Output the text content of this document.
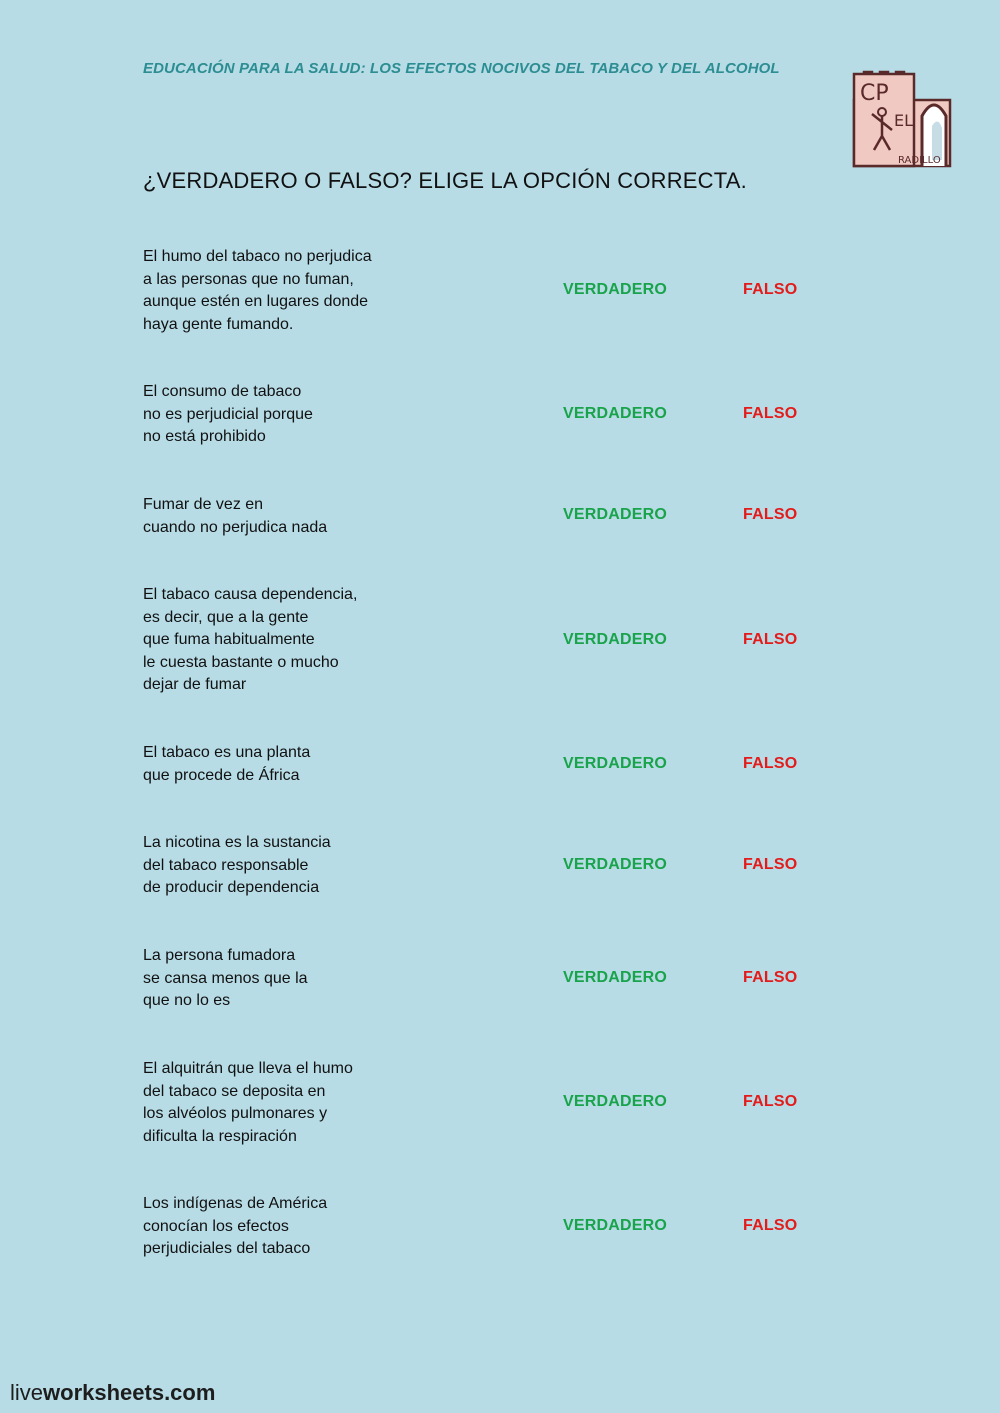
EDUCACIÓN PARA LA SALUD: LOS EFECTOS NOCIVOS DEL TABACO Y DEL ALCOHOL
CP
EL
RADILLO
¿VERDADERO O FALSO? ELIGE LA OPCIÓN CORRECTA.
El humo del tabaco no perjudica
a las personas que no fuman,
aunque estén en lugares donde
haya gente fumando.
VERDADERO	FALSO
El consumo de tabaco
no es perjudicial porque
no está prohibido
VERDADERO	FALSO
Fumar de vez en
cuando no perjudica nada
VERDADERO	FALSO
El tabaco causa dependencia,
es decir, que a la gente
que fuma habitualmente
le cuesta bastante o mucho
dejar de fumar
VERDADERO	FALSO
El tabaco es una planta
que procede de África
VERDADERO	FALSO
La nicotina es la sustancia
del tabaco responsable
de producir dependencia
VERDADERO	FALSO
La persona fumadora
se cansa menos que la
que no lo es
VERDADERO	FALSO
El alquitrán que lleva el humo
del tabaco se deposita en
los alvéolos pulmonares y
dificulta la respiración
VERDADERO	FALSO
Los indígenas de América
conocían los efectos
perjudiciales del tabaco
VERDADERO	FALSO
liveworksheets.com
